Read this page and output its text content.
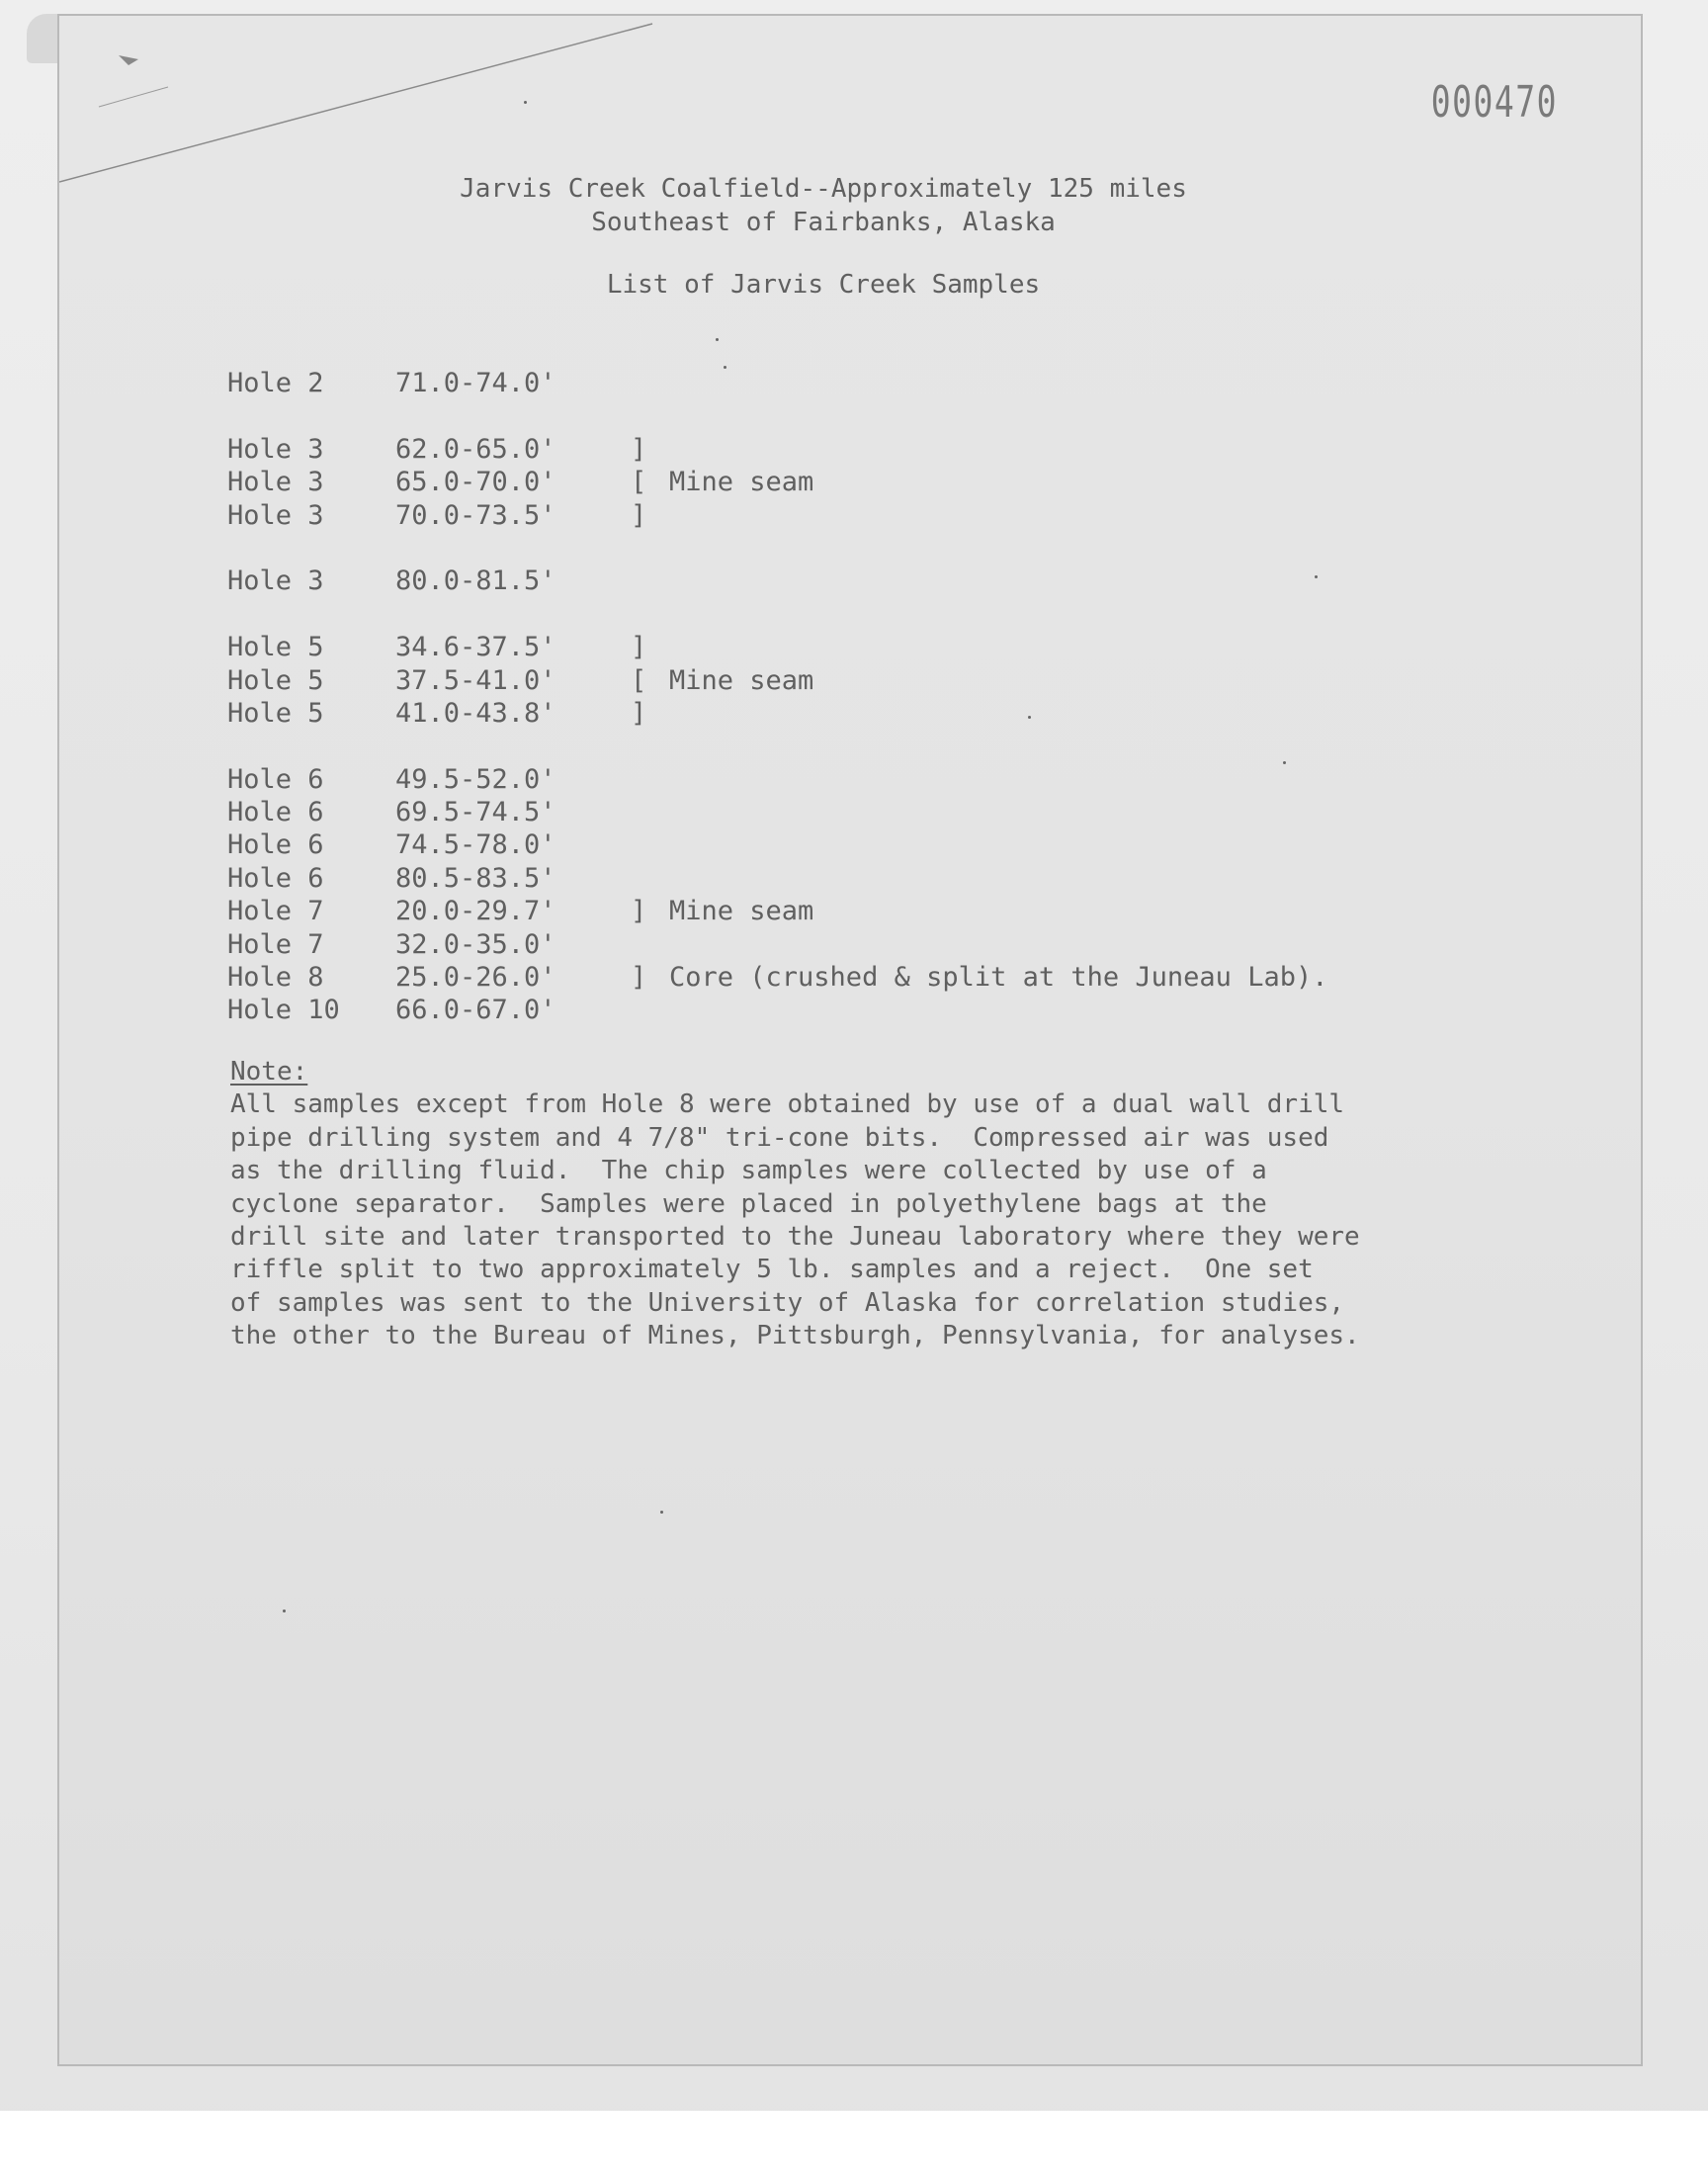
000470
Jarvis Creek Coalfield--Approximately 125 miles
Southeast of Fairbanks, Alaska
List of Jarvis Creek Samples
Hole 2	71.0-74.0'
Hole 3	62.0-65.0'	]
Hole 3	65.0-70.0'	[ Mine seam
Hole 3	70.0-73.5'	]
Hole 3	80.0-81.5'
Hole 5	34.6-37.5'	]
Hole 5	37.5-41.0'	[ Mine seam
Hole 5	41.0-43.8'	]
Hole 6	49.5-52.0'
Hole 6	69.5-74.5'
Hole 6	74.5-78.0'
Hole 6	80.5-83.5'
Hole 7	20.0-29.7'	] Mine seam
Hole 7	32.0-35.0'
Hole 8	25.0-26.0'	] Core (crushed & split at the Juneau Lab).
Hole 10 66.0-67.0'
Note:
All samples except from Hole 8 were obtained by use of a dual wall drill
pipe drilling system and 4 7/8" tri-cone bits.  Compressed air was used
as the drilling fluid.  The chip samples were collected by use of a
cyclone separator.  Samples were placed in polyethylene bags at the
drill site and later transported to the Juneau laboratory where they were
riffle split to two approximately 5 lb. samples and a reject.  One set
of samples was sent to the University of Alaska for correlation studies,
the other to the Bureau of Mines, Pittsburgh, Pennsylvania, for analyses.
